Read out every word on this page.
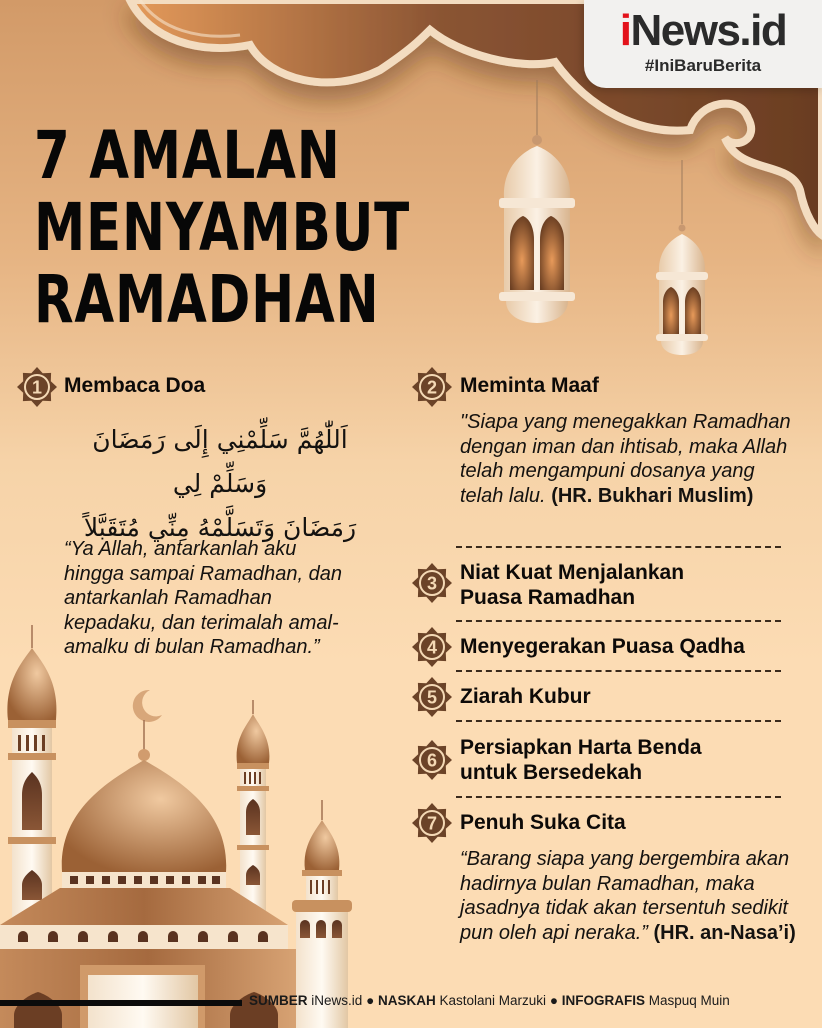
iNews.id
#IniBaruBerita
7 AMALAN
MENYAMBUT
RAMADHAN
1 Membaca Doa
اَللّٰهُمَّ سَلِّمْنِي إِلَى رَمَضَانَ وَسَلِّمْ لِي
رَمَضَانَ وَتَسَلَّمْهُ مِنِّي مُتَقَبَّلاً
“Ya Allah, antarkanlah aku hingga sampai Ramadhan, dan antarkanlah Ramadhan kepadaku, dan terimalah amal-amalku di bulan Ramadhan.”
2 Meminta Maaf
"Siapa yang menegakkan Ramadhan dengan iman dan ihtisab, maka Allah telah mengampuni dosanya yang telah lalu. (HR. Bukhari Muslim)
3 Niat Kuat Menjalankan
Puasa Ramadhan
4 Menyegerakan Puasa Qadha
5 Ziarah Kubur
6
Persiapkan Harta Benda
untuk Bersedekah
7 Penuh Suka Cita
“Barang siapa yang bergembira akan hadirnya bulan Ramadhan, maka jasadnya tidak akan tersentuh sedikit pun oleh api neraka.” (HR. an-Nasa’i)
SUMBER iNews.id ● NASKAH Kastolani Marzuki ● INFOGRAFIS Maspuq Muin
